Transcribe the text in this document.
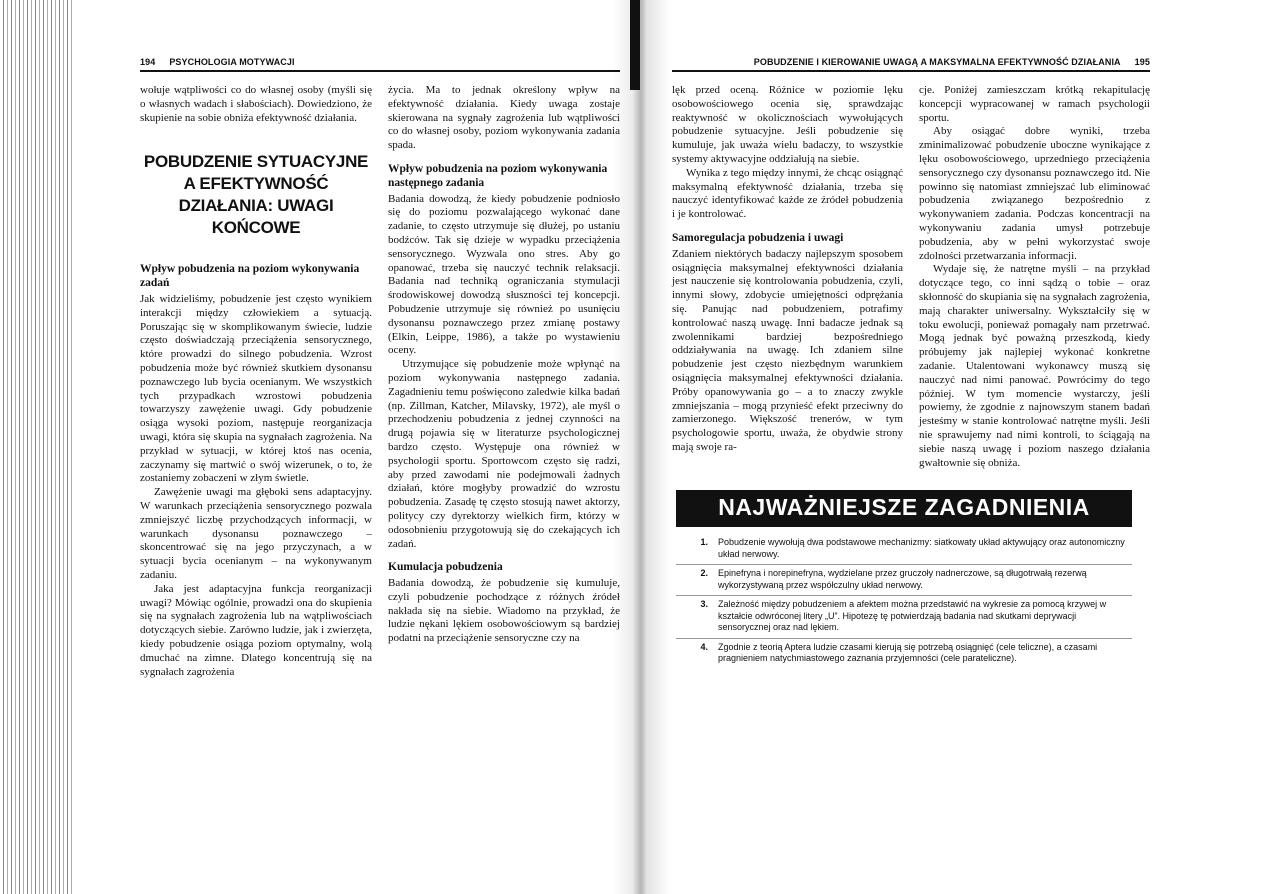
194 PSYCHOLOGIA MOTYWACJI

wołuje wątpliwości co do własnej osoby (myśli się o własnych wadach i słabościach). Dowiedziono, że skupienie na sobie obniża efektywność działania.

POBUDZENIE SYTUACYJNE A EFEKTYWNOŚĆ DZIAŁANIA: UWAGI KOŃCOWE
Wpływ pobudzenia na poziom wykonywania zadań

Jak widzieliśmy, pobudzenie jest często wynikiem interakcji między człowiekiem a sytuacją. Poruszając się w skomplikowanym świecie, ludzie często doświadczają przeciążenia sensorycznego, które prowadzi do silnego pobudzenia. Wzrost pobudzenia może być również skutkiem dysonansu poznawczego lub bycia ocenianym. We wszystkich tych przypadkach wzrostowi pobudzenia towarzyszy zawężenie uwagi. Gdy pobudzenie osiąga wysoki poziom, następuje reorganizacja uwagi, która się skupia na sygnałach zagrożenia. Na przykład w sytuacji, w której ktoś nas ocenia, zaczynamy się martwić o swój wizerunek, o to, że zostaniemy zobaczeni w złym świetle.

Zawężenie uwagi ma głęboki sens adaptacyjny. W warunkach przeciążenia sensorycznego pozwala zmniejszyć liczbę przychodzących informacji, w warunkach dysonansu poznawczego – skoncentrować się na jego przyczynach, a w sytuacji bycia ocenianym – na wykonywanym zadaniu.

Jaka jest adaptacyjna funkcja reorganizacji uwagi? Mówiąc ogólnie, prowadzi ona do skupienia się na sygnałach zagrożenia lub na wątpliwościach dotyczących siebie. Zarówno ludzie, jak i zwierzęta, kiedy pobudzenie osiąga poziom optymalny, wolą dmuchać na zimne. Dlatego koncentrują się na sygnałach zagrożenia

życia. Ma to jednak określony wpływ na efektywność działania. Kiedy uwaga zostaje skierowana na sygnały zagrożenia lub wątpliwości co do własnej osoby, poziom wykonywania zadania spada.

Wpływ pobudzenia na poziom wykonywania następnego zadania

Badania dowodzą, że kiedy pobudzenie podniosło się do poziomu pozwalającego wykonać dane zadanie, to często utrzymuje się dłużej, po ustaniu bodźców. Tak się dzieje w wypadku przeciążenia sensorycznego. Wyzwala ono stres. Aby go opanować, trzeba się nauczyć technik relaksacji. Badania nad techniką ograniczania stymulacji środowiskowej dowodzą słuszności tej koncepcji. Pobudzenie utrzymuje się również po usunięciu dysonansu poznawczego przez zmianę postawy (Elkin, Leippe, 1986), a także po wystawieniu oceny.

Utrzymujące się pobudzenie może wpłynąć na poziom wykonywania następnego zadania. Zagadnieniu temu poświęcono zaledwie kilka badań (np. Zillman, Katcher, Milavsky, 1972), ale myśl o przechodzeniu pobudzenia z jednej czynności na drugą pojawia się w literaturze psychologicznej bardzo często. Występuje ona również w psychologii sportu. Sportowcom często się radzi, aby przed zawodami nie podejmowali żadnych działań, które mogłyby prowadzić do wzrostu pobudzenia. Zasadę tę często stosują nawet aktorzy, politycy czy dyrektorzy wielkich firm, którzy w odosobnieniu przygotowują się do czekających ich zadań.

Kumulacja pobudzenia

Badania dowodzą, że pobudzenie się kumuluje, czyli pobudzenie pochodzące z różnych źródeł nakłada się na siebie. Wiadomo na przykład, że ludzie nękani lękiem osobowościowym są bardziej podatni na przeciążenie sensoryczne czy na

POBUDZENIE I KIEROWANIE UWAGĄ A MAKSYMALNA EFEKTYWNOŚĆ DZIAŁANIA 195

lęk przed oceną. Różnice w poziomie lęku osobowościowego ocenia się, sprawdzając reaktywność w okolicznościach wywołujących pobudzenie sytuacyjne. Jeśli pobudzenie się kumuluje, jak uważa wielu badaczy, to wszystkie systemy aktywacyjne oddziałują na siebie.

Wynika z tego między innymi, że chcąc osiągnąć maksymalną efektywność działania, trzeba się nauczyć identyfikować każde ze źródeł pobudzenia i je kontrolować.

Samoregulacja pobudzenia i uwagi

Zdaniem niektórych badaczy najlepszym sposobem osiągnięcia maksymalnej efektywności działania jest nauczenie się kontrolowania pobudzenia, czyli, innymi słowy, zdobycie umiejętności odprężania się. Panując nad pobudzeniem, potrafimy kontrolować naszą uwagę. Inni badacze jednak są zwolennikami bardziej bezpośredniego oddziaływania na uwagę. Ich zdaniem silne pobudzenie jest często niezbędnym warunkiem osiągnięcia maksymalnej efektywności działania. Próby opanowywania go – a to znaczy zwykle zmniejszania – mogą przynieść efekt przeciwny do zamierzonego. Większość trenerów, w tym psychologowie sportu, uważa, że obydwie strony mają swoje ra-

cje. Poniżej zamieszczam krótką rekapitulację koncepcji wypracowanej w ramach psychologii sportu.

Aby osiągać dobre wyniki, trzeba zminimalizować pobudzenie uboczne wynikające z lęku osobowościowego, uprzedniego przeciążenia sensorycznego czy dysonansu poznawczego itd. Nie powinno się natomiast zmniejszać lub eliminować pobudzenia związanego bezpośrednio z wykonywaniem zadania. Podczas koncentracji na wykonywaniu zadania umysł potrzebuje pobudzenia, aby w pełni wykorzystać swoje zdolności przetwarzania informacji.

Wydaje się, że natrętne myśli – na przykład dotyczące tego, co inni sądzą o tobie – oraz skłonność do skupiania się na sygnałach zagrożenia, mają charakter uniwersalny. Wykształciły się w toku ewolucji, ponieważ pomagały nam przetrwać. Mogą jednak być poważną przeszkodą, kiedy próbujemy jak najlepiej wykonać konkretne zadanie. Utalentowani wykonawcy muszą się nauczyć nad nimi panować. Powrócimy do tego później. W tym momencie wystarczy, jeśli powiemy, że zgodnie z najnowszym stanem badań jesteśmy w stanie kontrolować natrętne myśli. Jeśli nie sprawujemy nad nimi kontroli, to ściągają na siebie naszą uwagę i poziom naszego działania gwałtownie się obniża.

NAJWAŻNIEJSZE ZAGADNIENIA
1.	Pobudzenie wywołują dwa podstawowe mechanizmy: siatkowaty układ aktywujący oraz autonomiczny układ nerwowy.
2.	Epinefryna i norepinefryna, wydzielane przez gruczoły nadnerczowe, są długotrwałą rezerwą wykorzystywaną przez współczulny układ nerwowy.
3.	Zależność między pobudzeniem a afektem można przedstawić na wykresie za pomocą krzywej w kształcie odwróconej litery „U”. Hipotezę tę potwierdzają badania nad skutkami deprywacji sensorycznej oraz nad lękiem.
4.	Zgodnie z teorią Aptera ludzie czasami kierują się potrzebą osiągnięć (cele teliczne), a czasami pragnieniem natychmiastowego zaznania przyjemności (cele parateliczne).
